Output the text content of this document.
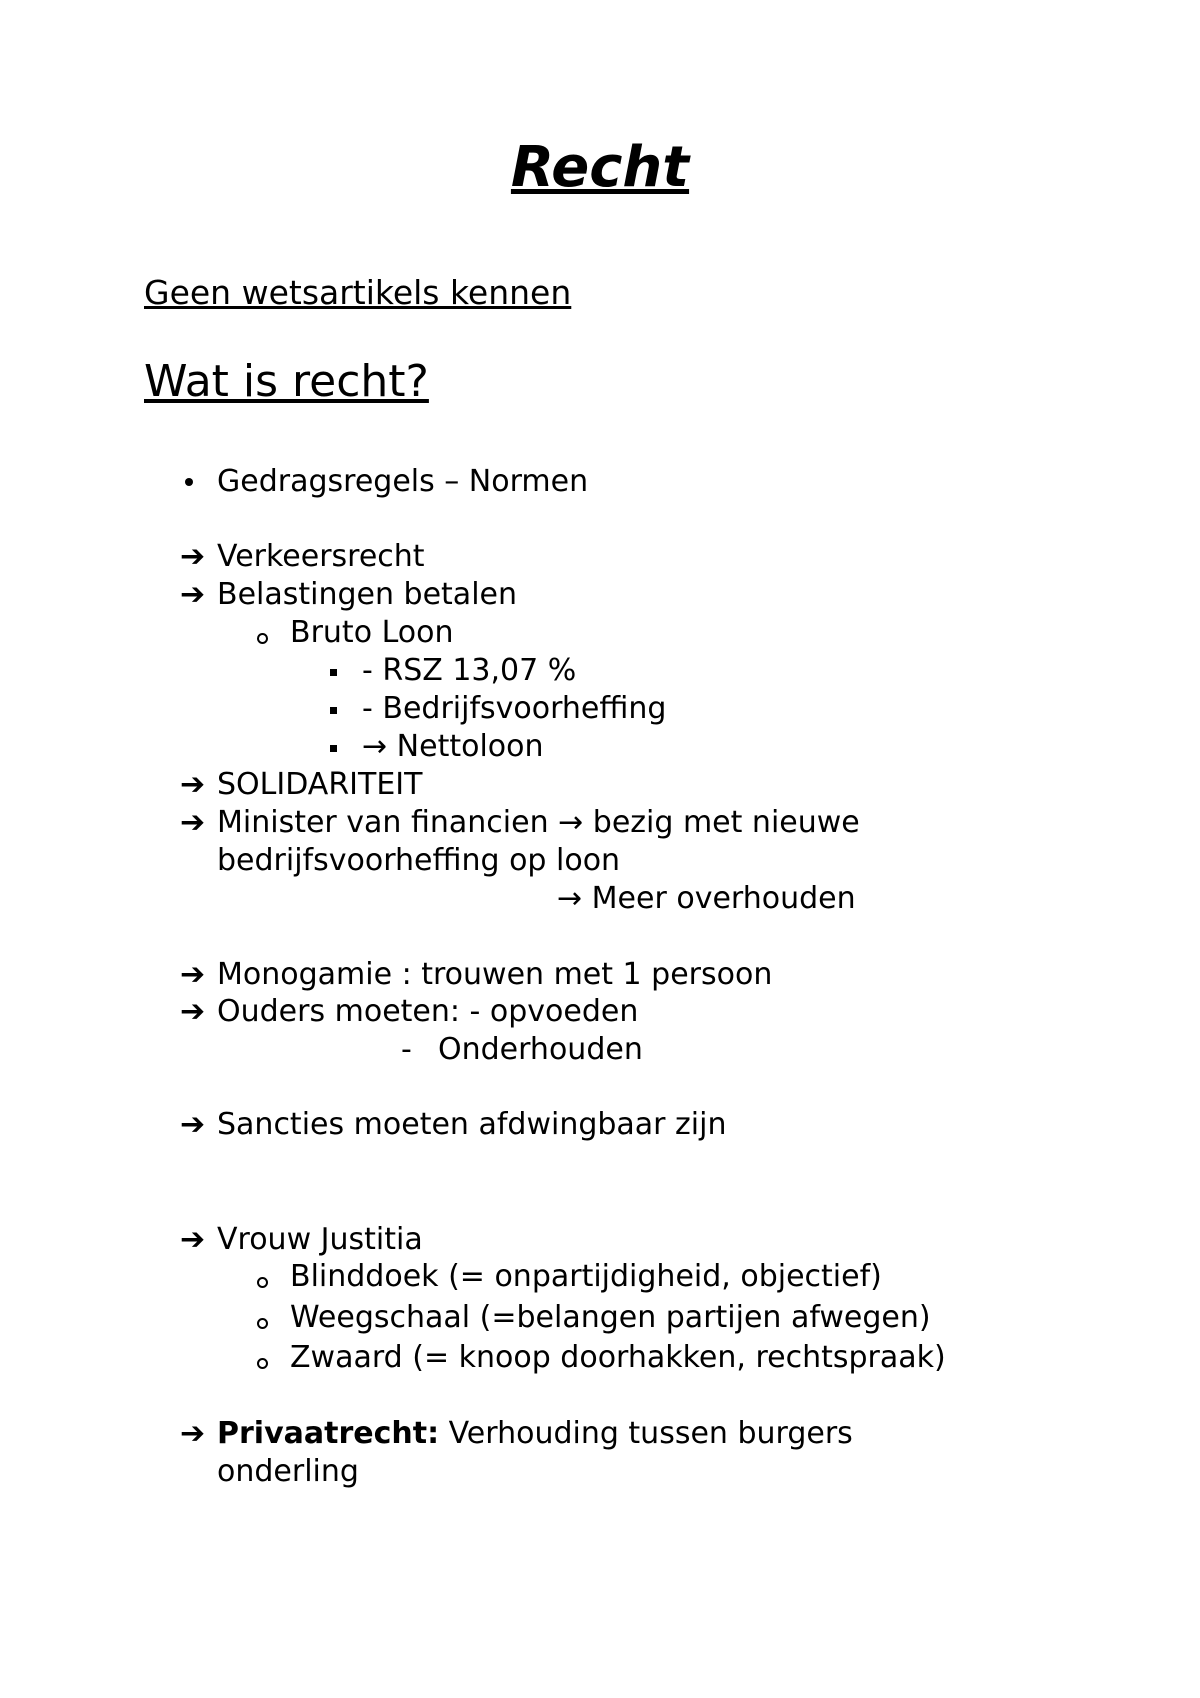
Recht
Geen wetsartikels kennen
Wat is recht?
Gedragsregels – Normen
➔ Verkeersrecht
➔ Belastingen betalen
Bruto Loon
- RSZ 13,07 %
- Bedrijfsvoorheffing
→ Nettoloon
➔ SOLIDARITEIT
➔ Minister van financien → bezig met nieuwe
bedrijfsvoorheffing op loon
→ Meer overhouden
➔ Monogamie : trouwen met 1 persoon
➔ Ouders moeten: - opvoeden
- Onderhouden
➔ Sancties moeten afdwingbaar zijn
➔ Vrouw Justitia
Blinddoek (= onpartijdigheid, objectief)
Weegschaal (=belangen partijen afwegen)
Zwaard (= knoop doorhakken, rechtspraak)
➔ Privaatrecht: Verhouding tussen burgers
onderling
